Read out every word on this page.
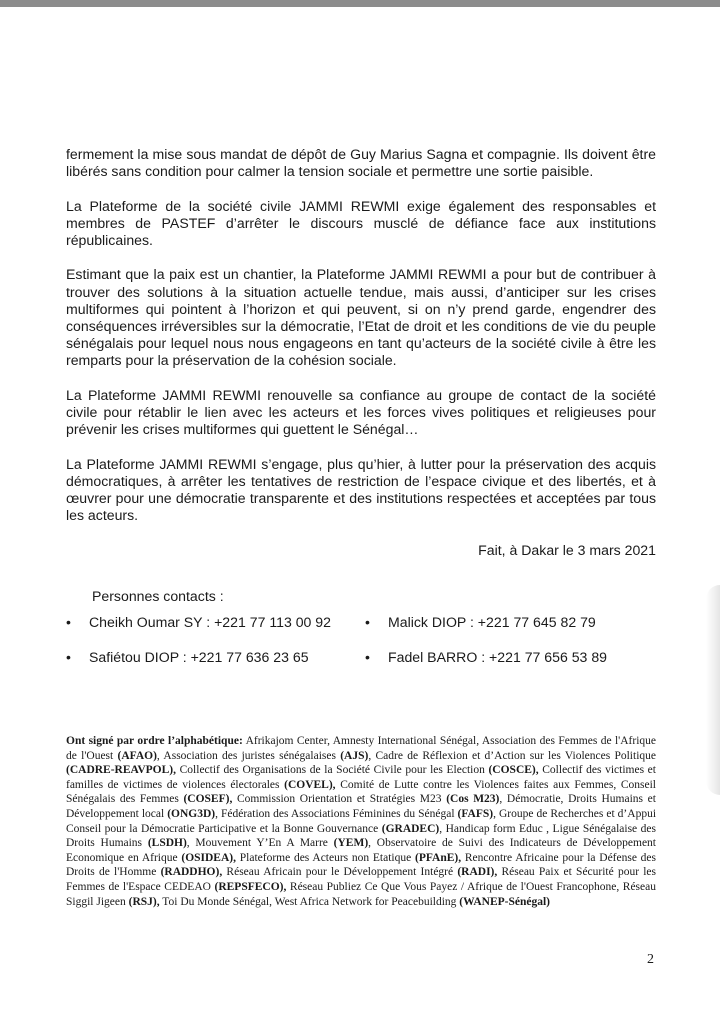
fermement la mise sous mandat de dépôt de Guy Marius Sagna et compagnie. Ils doivent être libérés sans condition pour calmer la tension sociale et permettre une sortie paisible.

La Plateforme de la société civile JAMMI REWMI exige également des responsables et membres de PASTEF d’arrêter le discours musclé de défiance face aux institutions républicaines.

Estimant que la paix est un chantier, la Plateforme JAMMI REWMI a pour but de contribuer à trouver des solutions à la situation actuelle tendue, mais aussi, d’anticiper sur les crises multiformes qui pointent à l’horizon et qui peuvent, si on n’y prend garde, engendrer des conséquences irréversibles sur la démocratie, l’Etat de droit et les conditions de vie du peuple sénégalais pour lequel nous nous engageons en tant qu’acteurs de la société civile à être les remparts pour la préservation de la cohésion sociale.

La Plateforme JAMMI REWMI renouvelle sa confiance au groupe de contact de la société civile pour rétablir le lien avec les acteurs et les forces vives politiques et religieuses pour prévenir les crises multiformes qui guettent le Sénégal…

La Plateforme JAMMI REWMI s’engage, plus qu’hier, à lutter pour la préservation des acquis démocratiques, à arrêter les tentatives de restriction de l’espace civique et des libertés, et à œuvrer pour une démocratie transparente et des institutions respectées et acceptées par tous les acteurs.

Fait, à Dakar le 3 mars 2021

Personnes contacts :
• Cheikh Oumar SY : +221 77 113 00 92 • Malick DIOP : +221 77 645 82 79
• Safiétou DIOP : +221 77 636 23 65	• Fadel BARRO : +221 77 656 53 89
Ont signé par ordre l’alphabétique: Afrikajom Center, Amnesty International Sénégal, Association des Femmes de l'Afrique de l'Ouest (AFAO), Association des juristes sénégalaises (AJS), Cadre de Réflexion et d’Action sur les Violences Politique (CADRE-REAVPOL), Collectif des Organisations de la Société Civile pour les Election (COSCE), Collectif des victimes et familles de victimes de violences électorales (COVEL), Comité de Lutte contre les Violences faites aux Femmes, Conseil Sénégalais des Femmes (COSEF), Commission Orientation et Stratégies M23 (Cos M23), Démocratie, Droits Humains et Développement local (ONG3D), Fédération des Associations Féminines du Sénégal (FAFS), Groupe de Recherches et d’Appui Conseil pour la Démocratie Participative et la Bonne Gouvernance (GRADEC), Handicap form Educ , Ligue Sénégalaise des Droits Humains (LSDH), Mouvement Y’En A Marre (YEM), Observatoire de Suivi des Indicateurs de Développement Economique en Afrique (OSIDEA), Plateforme des Acteurs non Etatique (PFAnE), Rencontre Africaine pour la Défense des Droits de l'Homme (RADDHO), Réseau Africain pour le Développement Intégré (RADI), Réseau Paix et Sécurité pour les Femmes de l'Espace CEDEAO (REPSFECO), Réseau Publiez Ce Que Vous Payez / Afrique de l'Ouest Francophone, Réseau Siggil Jigeen (RSJ), Toi Du Monde Sénégal, West Africa Network for Peacebuilding (WANEP-Sénégal)
2
